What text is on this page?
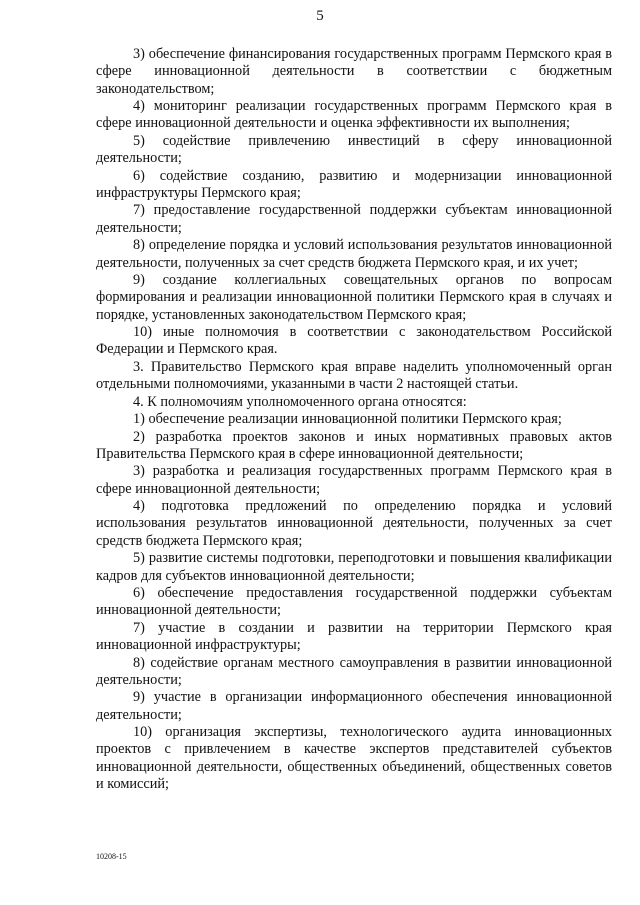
5

3) обеспечение финансирования государственных программ Пермского края в сфере инновационной деятельности в соответствии с бюджетным законодательством;

4) мониторинг реализации государственных программ Пермского края в сфере инновационной деятельности и оценка эффективности их выполнения;

5) содействие привлечению инвестиций в сферу инновационной деятельности;

6) содействие созданию, развитию и модернизации инновационной инфраструктуры Пермского края;

7) предоставление государственной поддержки субъектам инновационной деятельности;

8) определение порядка и условий использования результатов инновационной деятельности, полученных за счет средств бюджета Пермского края, и их учет;

9) создание коллегиальных совещательных органов по вопросам формирования и реализации инновационной политики Пермского края в случаях и порядке, установленных законодательством Пермского края;

10) иные полномочия в соответствии с законодательством Российской Федерации и Пермского края.

3. Правительство Пермского края вправе наделить уполномоченный орган отдельными полномочиями, указанными в части 2 настоящей статьи.

4. К полномочиям уполномоченного органа относятся:

1) обеспечение реализации инновационной политики Пермского края;

2) разработка проектов законов и иных нормативных правовых актов Правительства Пермского края в сфере инновационной деятельности;

3) разработка и реализация государственных программ Пермского края в сфере инновационной деятельности;

4) подготовка предложений по определению порядка и условий использования результатов инновационной деятельности, полученных за счет средств бюджета Пермского края;

5) развитие системы подготовки, переподготовки и повышения квалификации кадров для субъектов инновационной деятельности;

6) обеспечение предоставления государственной поддержки субъектам инновационной деятельности;

7) участие в создании и развитии на территории Пермского края инновационной инфраструктуры;

8) содействие органам местного самоуправления в развитии инновационной деятельности;

9) участие в организации информационного обеспечения инновационной деятельности;

10) организация экспертизы, технологического аудита инновационных проектов с привлечением в качестве экспертов представителей субъектов инновационной деятельности, общественных объединений, общественных советов и комиссий;

10208-15
